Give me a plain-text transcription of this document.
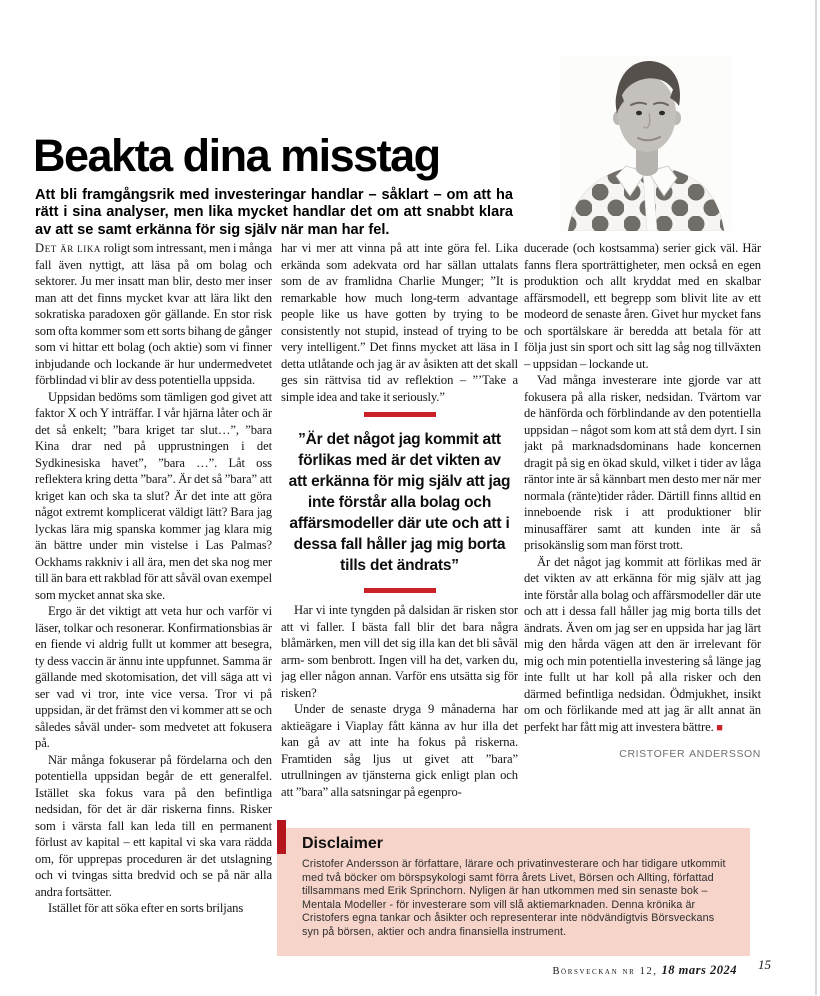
Beakta dina misstag

Att bli framgångsrik med investeringar handlar – såklart – om att ha rätt i sina analyser, men lika mycket handlar det om att snabbt klara av att se samt erkänna för sig själv när man har fel.

Det är lika roligt som intressant, men i många fall även nyttigt, att läsa på om bolag och sektorer. Ju mer insatt man blir, desto mer inser man att det finns mycket kvar att lära likt den sokratiska paradoxen gör gällande. En stor risk som ofta kommer som ett sorts bihang de gånger som vi hittar ett bolag (och aktie) som vi finner inbjudande och lockande är hur undermedvetet förblindad vi blir av dess potentiella uppsida.

Uppsidan bedöms som tämligen god givet att faktor X och Y inträffar. I vår hjärna låter och är det så enkelt; ”bara kriget tar slut…”, ”bara Kina drar ned på upprustningen i det Sydkinesiska havet”, ”bara …”. Låt oss reflektera kring detta ”bara”. Är det så ”bara” att kriget kan och ska ta slut? Är det inte att göra något extremt komplicerat väldigt lätt? Bara jag lyckas lära mig spanska kommer jag klara mig än bättre under min vistelse i Las Palmas? Ockhams rakkniv i all ära, men det ska nog mer till än bara ett rakblad för att såväl ovan exempel som mycket annat ska ske.

Ergo är det viktigt att veta hur och varför vi läser, tolkar och resonerar. Konfirmationsbias är en fiende vi aldrig fullt ut kommer att besegra, ty dess vaccin är ännu inte uppfunnet. Samma är gällande med skotomisation, det vill säga att vi ser vad vi tror, inte vice versa. Tror vi på uppsidan, är det främst den vi kommer att se och således såväl under- som medvetet att fokusera på.

När många fokuserar på fördelarna och den potentiella uppsidan begår de ett generalfel. Istället ska fokus vara på den befintliga nedsidan, för det är där riskerna finns. Risker som i värsta fall kan leda till en permanent förlust av kapital – ett kapital vi ska vara rädda om, för upprepas proceduren är det utslagning och vi tvingas sitta bredvid och se på när alla andra fortsätter.

Istället för att söka efter en sorts briljans

har vi mer att vinna på att inte göra fel. Lika erkända som adekvata ord har sällan uttalats som de av framlidna Charlie Munger; ”It is remarkable how much long-term advantage people like us have gotten by trying to be consistently not stupid, instead of trying to be very intelligent.” Det finns mycket att läsa in I detta utlåtande och jag är av åsikten att det skall ges sin rättvisa tid av reflektion – ”’Take a simple idea and take it seriously.”

”Är det något jag kommit att förlikas med är det vikten av att erkänna för mig själv att jag inte förstår alla bolag och affärsmodeller där ute och att i dessa fall håller jag mig borta tills det ändrats”

Har vi inte tyngden på dalsidan är risken stor att vi faller. I bästa fall blir det bara några blåmärken, men vill det sig illa kan det bli såväl arm- som benbrott. Ingen vill ha det, varken du, jag eller någon annan. Varför ens utsätta sig för risken?

Under de senaste dryga 9 månaderna har aktieägare i Viaplay fått känna av hur illa det kan gå av att inte ha fokus på riskerna. Framtiden såg ljus ut givet att ”bara” utrullningen av tjänsterna gick enligt plan och att ”bara” alla satsningar på egenpro-

ducerade (och kostsamma) serier gick väl. Här fanns flera sporträttigheter, men också en egen produktion och allt kryddat med en skalbar affärsmodell, ett begrepp som blivit lite av ett modeord de senaste åren. Givet hur mycket fans och sportälskare är beredda att betala för att följa just sin sport och sitt lag såg nog tillväxten – uppsidan – lockande ut.

Vad många investerare inte gjorde var att fokusera på alla risker, nedsidan. Tvärtom var de hänförda och förblindande av den potentiella uppsidan – något som kom att stå dem dyrt. I sin jakt på marknadsdominans hade koncernen dragit på sig en ökad skuld, vilket i tider av låga räntor inte är så kännbart men desto mer när mer normala (ränte)tider råder. Därtill finns alltid en inneboende risk i att produktioner blir minusaffärer samt att kunden inte är så prisokänslig som man först trott.

Är det något jag kommit att förlikas med är det vikten av att erkänna för mig själv att jag inte förstår alla bolag och affärsmodeller där ute och att i dessa fall håller jag mig borta tills det ändrats. Även om jag ser en uppsida har jag lärt mig den hårda vägen att den är irrelevant för mig och min potentiella investering så länge jag inte fullt ut har koll på alla risker och den därmed befintliga nedsidan. Ödmjukhet, insikt om och förlikande med att jag är allt annat än perfekt har fått mig att investera bättre. ■

CRISTOFER ANDERSSON
Disclaimer

Cristofer Andersson är författare, lärare och privatinvesterare och har tidigare utkommit med två böcker om börspsykologi samt förra årets Livet, Börsen och Allting, författad tillsammans med Erik Sprinchorn. Nyligen är han utkommen med sin senaste bok – Mentala Modeller - för investerare som vill slå aktiemarknaden. Denna krönika är Cristofers egna tankar och åsikter och representerar inte nödvändigtvis Börsveckans syn på börsen, aktier och andra finansiella instrument.

Börsveckan nr 12, 18 mars 2024 15
